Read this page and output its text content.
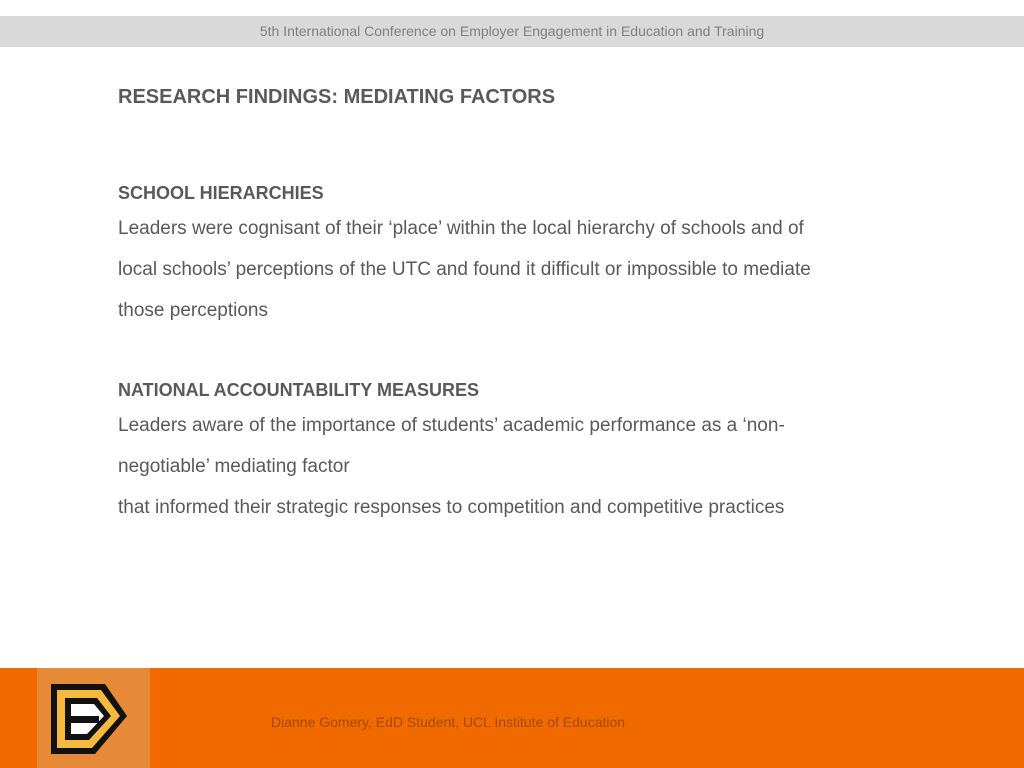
5th International Conference on Employer Engagement in Education and Training
RESEARCH FINDINGS: MEDIATING FACTORS
SCHOOL HIERARCHIES

Leaders were cognisant of their ‘place’ within the local hierarchy of schools and of
local schools’ perceptions of the UTC and found it difficult or impossible to mediate
those perceptions

NATIONAL ACCOUNTABILITY MEASURES

Leaders aware of the importance of students’ academic performance as a ‘non-
negotiable’ mediating factor
that informed their strategic responses to competition and competitive practices

Dianne Gomery, EdD Student, UCL Institute of Education
